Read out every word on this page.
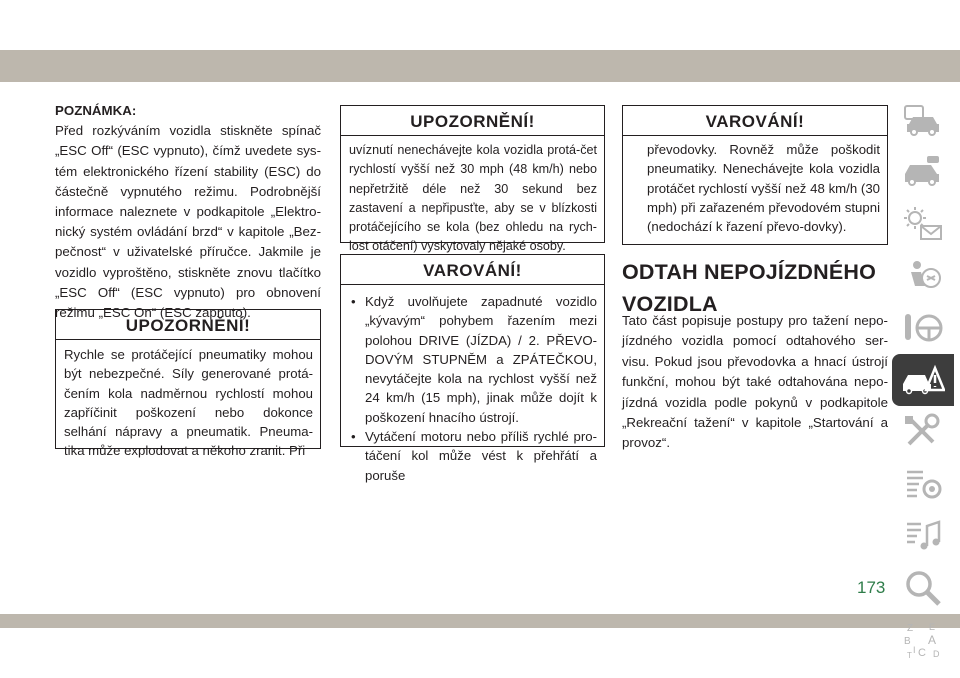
POZNÁMKA:

Před rozkýváním vozidla stiskněte spínač „ESC Off“ (ESC vypnuto), čímž uvedete sys-tém elektronického řízení stability (ESC) do částečně vypnutého režimu. Podrobnější informace naleznete v podkapitole „Elektro-nický systém ovládání brzd“ v kapitole „Bez-pečnost“ v uživatelské příručce. Jakmile je vozidlo vyproštěno, stiskněte znovu tlačítko „ESC Off“ (ESC vypnuto) pro obnovení režimu „ESC On“ (ESC zapnuto).

UPOZORNĚNÍ!
Rychle se protáčející pneumatiky mohou být nebezpečné. Síly generované protá-čením kola nadměrnou rychlostí mohou zapříčinit poškození nebo dokonce selhání nápravy a pneumatik. Pneuma-tika může explodovat a někoho zranit. Při
UPOZORNĚNÍ!
uvíznutí nenechávejte kola vozidla protá-čet rychlostí vyšší než 30 mph (48 km/h) nebo nepřetržitě déle než 30 sekund bez zastavení a nepřipusťte, aby se v blízkosti protáčejícího se kola (bez ohledu na rych-lost otáčení) vyskytovaly nějaké osoby.
VAROVÁNÍ!
• Když uvolňujete zapadnuté vozidlo „kývavým“ pohybem řazením mezi polohou DRIVE (JÍZDA) / 2. PŘEVO-DOVÝM STUPNĚM a ZPÁTEČKOU, nevytáčejte kola na rychlost vyšší než 24 km/h (15 mph), jinak může dojít k poškození hnacího ústrojí.
• Vytáčení motoru nebo příliš rychlé pro-táčení kol může vést k přehřátí a poruše
VAROVÁNÍ!
převodovky. Rovněž může poškodit pneumatiky. Nenechávejte kola vozidla protáčet rychlostí vyšší než 48 km/h (30 mph) při zařazeném převodovém stupni (nedochází k řazení převo-dovky).
ODTAH NEPOJÍZDNÉHO VOZIDLA

Tato část popisuje postupy pro tažení nepo-jízdného vozidla pomocí odtahového ser-visu. Pokud jsou převodovka a hnací ústrojí funkční, mohou být také odtahována nepo-jízdná vozidla podle pokynů v podkapitole „Rekreační tažení“ v kapitole „Startování a provoz“.

Z E
B A
I C
T D
173
